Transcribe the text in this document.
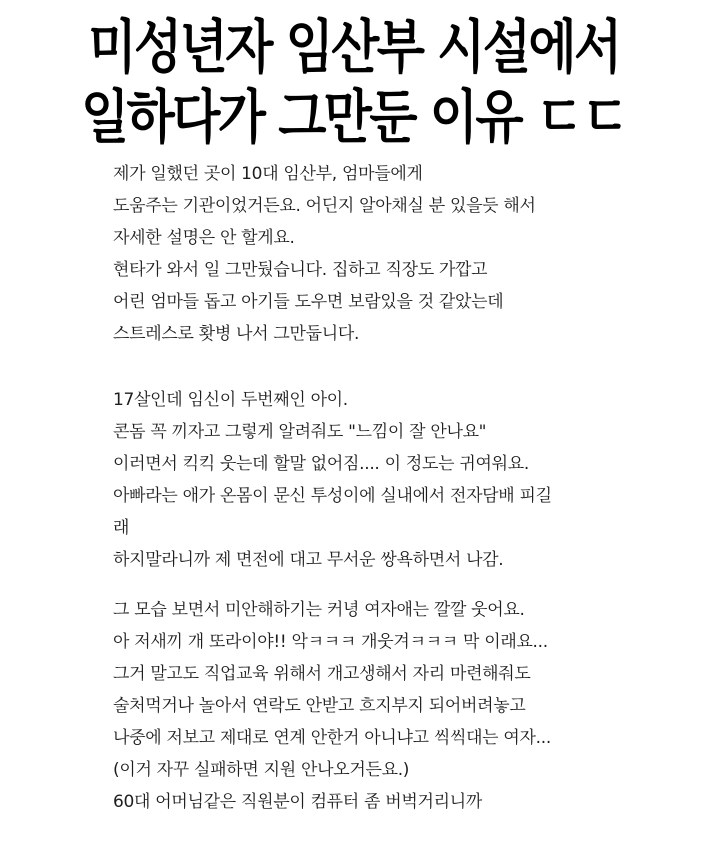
미성년자 임산부 시설에서
일하다가 그만둔 이유 ㄷㄷ
제가 일했던 곳이 10대 임산부, 엄마들에게
도움주는 기관이었거든요. 어딘지 알아채실 분 있을듯 해서
자세한 설명은 안 할게요.
현타가 와서 일 그만뒀습니다. 집하고 직장도 가깝고
어린 엄마들 돕고 아기들 도우면 보람있을 것 같았는데
스트레스로 홧병 나서 그만둡니다.
17살인데 임신이 두번째인 아이.
콘돔 꼭 끼자고 그렇게 알려줘도 "느낌이 잘 안나요"
이러면서 킥킥 웃는데 할말 없어짐.... 이 정도는 귀여워요.
아빠라는 애가 온몸이 문신 투성이에 실내에서 전자담배 피길
래
하지말라니까 제 면전에 대고 무서운 쌍욕하면서 나감.
그 모습 보면서 미안해하기는 커녕 여자애는 깔깔 웃어요.
아 저새끼 개 또라이야!! 악ㅋㅋㅋ 개웃겨ㅋㅋㅋ 막 이래요...
그거 말고도 직업교육 위해서 개고생해서 자리 마련해줘도
술처먹거나 놀아서 연락도 안받고 흐지부지 되어버려놓고
나중에 저보고 제대로 연계 안한거 아니냐고 씩씩대는 여자...
(이거 자꾸 실패하면 지원 안나오거든요.)
60대 어머님같은 직원분이 컴퓨터 좀 버벅거리니까
